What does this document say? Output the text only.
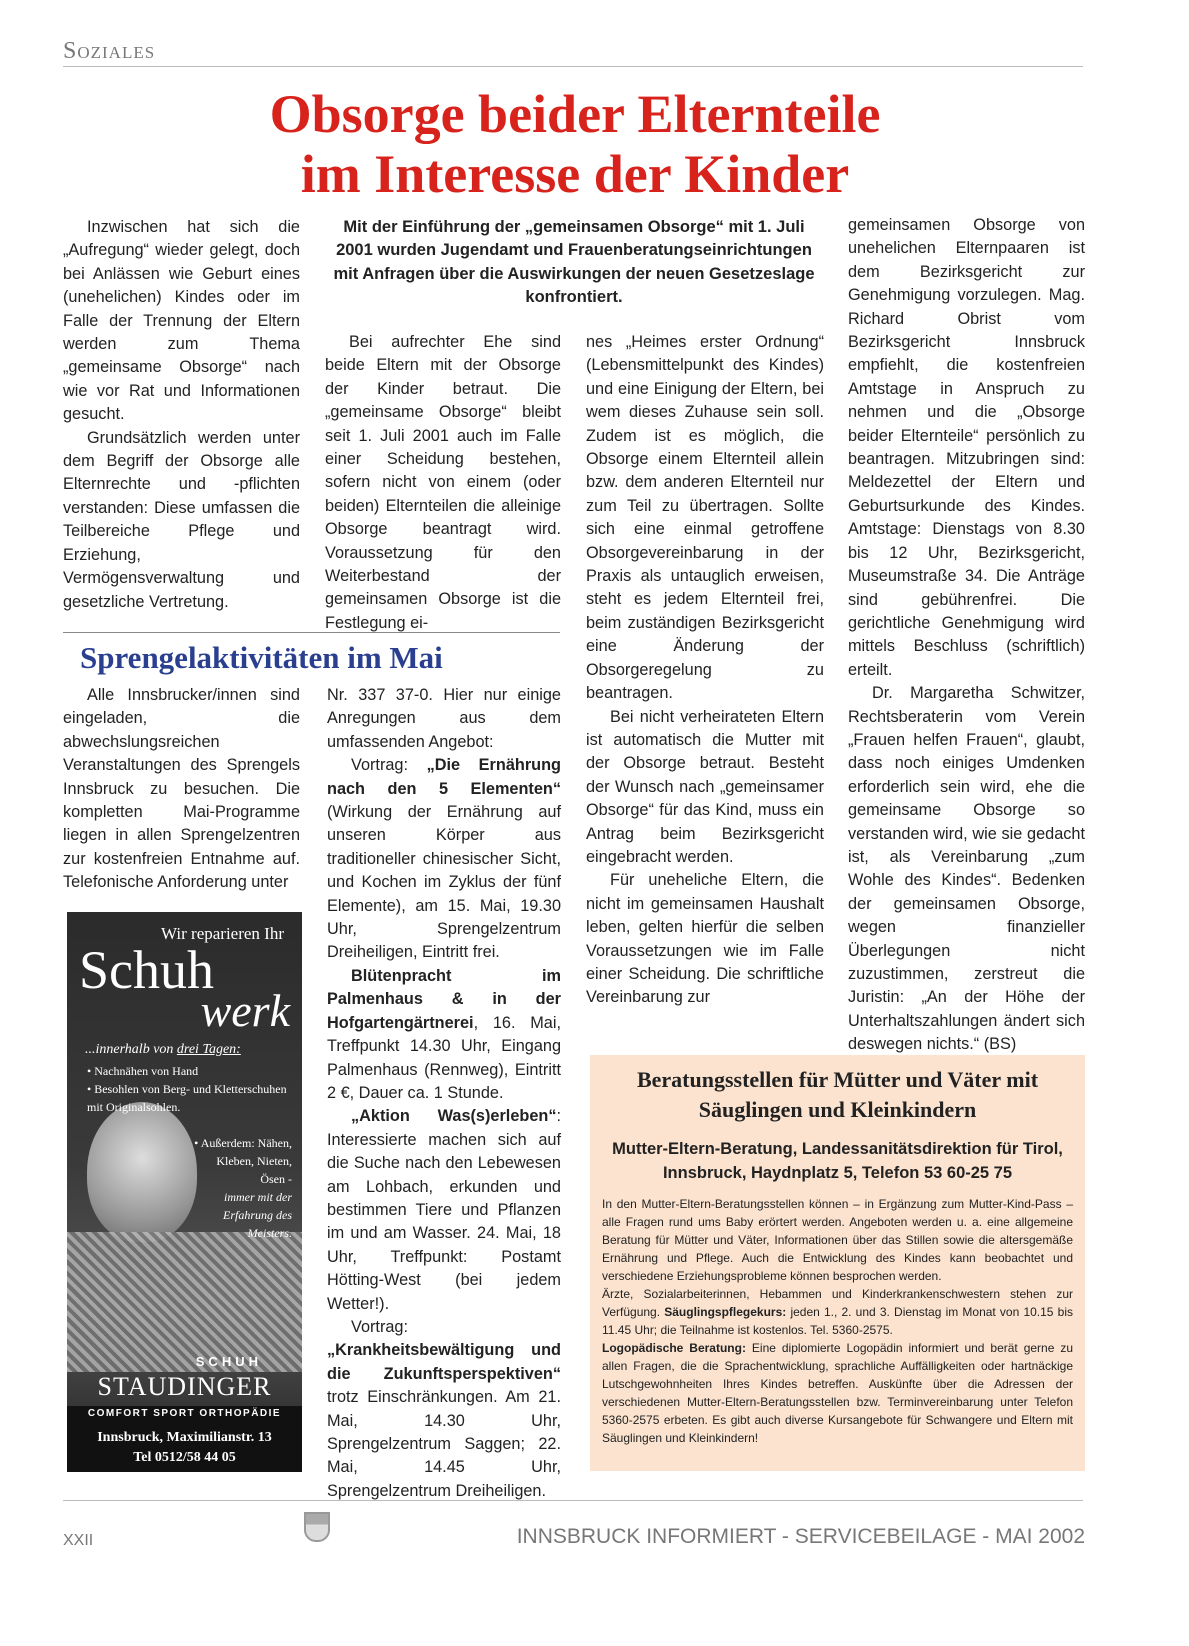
Soziales
Obsorge beider Elternteile
im Interesse der Kinder
Mit der Einführung der „gemeinsamen Obsorge“ mit 1. Juli 2001 wurden Jugendamt und Frauenberatungseinrichtungen mit Anfragen über die Auswirkungen der neuen Gesetzeslage konfrontiert.

Inzwischen hat sich die „Aufregung“ wieder gelegt, doch bei Anlässen wie Geburt eines (unehelichen) Kindes oder im Falle der Trennung der Eltern werden zum Thema „gemeinsame Obsorge“ nach wie vor Rat und Informationen gesucht.

Grundsätzlich werden unter dem Begriff der Obsorge alle Elternrechte und -pflichten verstanden: Diese umfassen die Teilbereiche Pflege und Erziehung, Vermögensverwaltung und gesetzliche Vertretung.

Bei aufrechter Ehe sind beide Eltern mit der Obsorge der Kinder betraut. Die „gemeinsame Obsorge“ bleibt seit 1. Juli 2001 auch im Falle einer Scheidung bestehen, sofern nicht von einem (oder beiden) Elternteilen die alleinige Obsorge beantragt wird. Voraussetzung für den Weiterbestand der gemeinsamen Obsorge ist die Festlegung ei-

nes „Heimes erster Ordnung“ (Lebensmittelpunkt des Kindes) und eine Einigung der Eltern, bei wem dieses Zuhause sein soll. Zudem ist es möglich, die Obsorge einem Elternteil allein bzw. dem anderen Elternteil nur zum Teil zu übertragen. Sollte sich eine einmal getroffene Obsorgevereinbarung in der Praxis als untauglich erweisen, steht es jedem Elternteil frei, beim zuständigen Bezirksgericht eine Änderung der Obsorgeregelung zu beantragen.

Bei nicht verheirateten Eltern ist automatisch die Mutter mit der Obsorge betraut. Besteht der Wunsch nach „gemeinsamer Obsorge“ für das Kind, muss ein Antrag beim Bezirksgericht eingebracht werden.

Für uneheliche Eltern, die nicht im gemeinsamen Haushalt leben, gelten hierfür die selben Voraussetzungen wie im Falle einer Scheidung. Die schriftliche Vereinbarung zur

gemeinsamen Obsorge von unehelichen Elternpaaren ist dem Bezirksgericht zur Genehmigung vorzulegen. Mag. Richard Obrist vom Bezirksgericht Innsbruck empfiehlt, die kostenfreien Amtstage in Anspruch zu nehmen und die „Obsorge beider Elternteile“ persönlich zu beantragen. Mitzubringen sind: Meldezettel der Eltern und Geburtsurkunde des Kindes. Amtstage: Dienstags von 8.30 bis 12 Uhr, Bezirksgericht, Museumstraße 34. Die Anträge sind gebührenfrei. Die gerichtliche Genehmigung wird mittels Beschluss (schriftlich) erteilt.

Dr. Margaretha Schwitzer, Rechtsberaterin vom Verein „Frauen helfen Frauen“, glaubt, dass noch einiges Umdenken erforderlich sein wird, ehe die gemeinsame Obsorge so verstanden wird, wie sie gedacht ist, als Vereinbarung „zum Wohle des Kindes“. Bedenken der gemeinsamen Obsorge, wegen finanzieller Überlegungen nicht zuzustimmen, zerstreut die Juristin: „An der Höhe der Unterhaltszahlungen ändert sich deswegen nichts.“ (BS)

Sprengelaktivitäten im Mai

Alle Innsbrucker/innen sind eingeladen, die abwechslungsreichen Veranstaltungen des Sprengels Innsbruck zu besuchen. Die kompletten Mai-Programme liegen in allen Sprengelzentren zur kostenfreien Entnahme auf. Telefonische Anforderung unter

Nr. 337 37-0. Hier nur einige Anregungen aus dem umfassenden Angebot:

Vortrag: „Die Ernährung nach den 5 Elementen“ (Wirkung der Ernährung auf unseren Körper aus traditioneller chinesischer Sicht, und Kochen im Zyklus der fünf Elemente), am 15. Mai, 19.30 Uhr, Sprengelzentrum Dreiheiligen, Eintritt frei.

Blütenpracht im Palmenhaus & in der Hofgartengärtnerei, 16. Mai, Treffpunkt 14.30 Uhr, Eingang Palmenhaus (Rennweg), Eintritt 2 €, Dauer ca. 1 Stunde.

„Aktion Was(s)erleben“: Interessierte machen sich auf die Suche nach den Lebewesen am Lohbach, erkunden und bestimmen Tiere und Pflanzen im und am Wasser. 24. Mai, 18 Uhr, Treffpunkt: Postamt Hötting-West (bei jedem Wetter!).

Vortrag: „Krankheitsbewältigung und die Zukunftsperspektiven“ trotz Einschränkungen. Am 21. Mai, 14.30 Uhr, Sprengelzentrum Saggen; 22. Mai, 14.45 Uhr, Sprengelzentrum Dreiheiligen.

Wir reparieren Ihr
Schuh
werk
...innerhalb von drei Tagen:
• Nachnähen von Hand
• Besohlen von Berg- und Kletterschuhen mit Originalsohlen.
• Außerdem: Nähen, Kleben, Nieten, Ösen -
immer mit der Erfahrung des Meisters.
SCHUH
STAUDINGER
COMFORT SPORT ORTHOPÄDIE
Innsbruck, Maximilianstr. 13
Tel 0512/58 44 05
Beratungsstellen für Mütter und Väter mit Säuglingen und Kleinkindern
Mutter-Eltern-Beratung, Landessanitätsdirektion für Tirol, Innsbruck, Haydnplatz 5, Telefon 53 60-25 75

In den Mutter-Eltern-Beratungsstellen können – in Ergänzung zum Mutter-Kind-Pass – alle Fragen rund ums Baby erörtert werden. Angeboten werden u. a. eine allgemeine Beratung für Mütter und Väter, Informationen über das Stillen sowie die altersgemäße Ernährung und Pflege. Auch die Entwicklung des Kindes kann beobachtet und verschiedene Erziehungsprobleme können besprochen werden.

Ärzte, Sozialarbeiterinnen, Hebammen und Kinderkrankenschwestern stehen zur Verfügung. Säuglingspflegekurs: jeden 1., 2. und 3. Dienstag im Monat von 10.15 bis 11.45 Uhr; die Teilnahme ist kostenlos. Tel. 5360-2575.

Logopädische Beratung: Eine diplomierte Logopädin informiert und berät gerne zu allen Fragen, die die Sprachentwicklung, sprachliche Auffälligkeiten oder hartnäckige Lutschgewohnheiten Ihres Kindes betreffen. Auskünfte über die Adressen der verschiedenen Mutter-Eltern-Beratungsstellen bzw. Terminvereinbarung unter Telefon 5360-2575 erbeten. Es gibt auch diverse Kursangebote für Schwangere und Eltern mit Säuglingen und Kleinkindern!

XXII	INNSBRUCK INFORMIERT - SERVICEBEILAGE - MAI 2002
